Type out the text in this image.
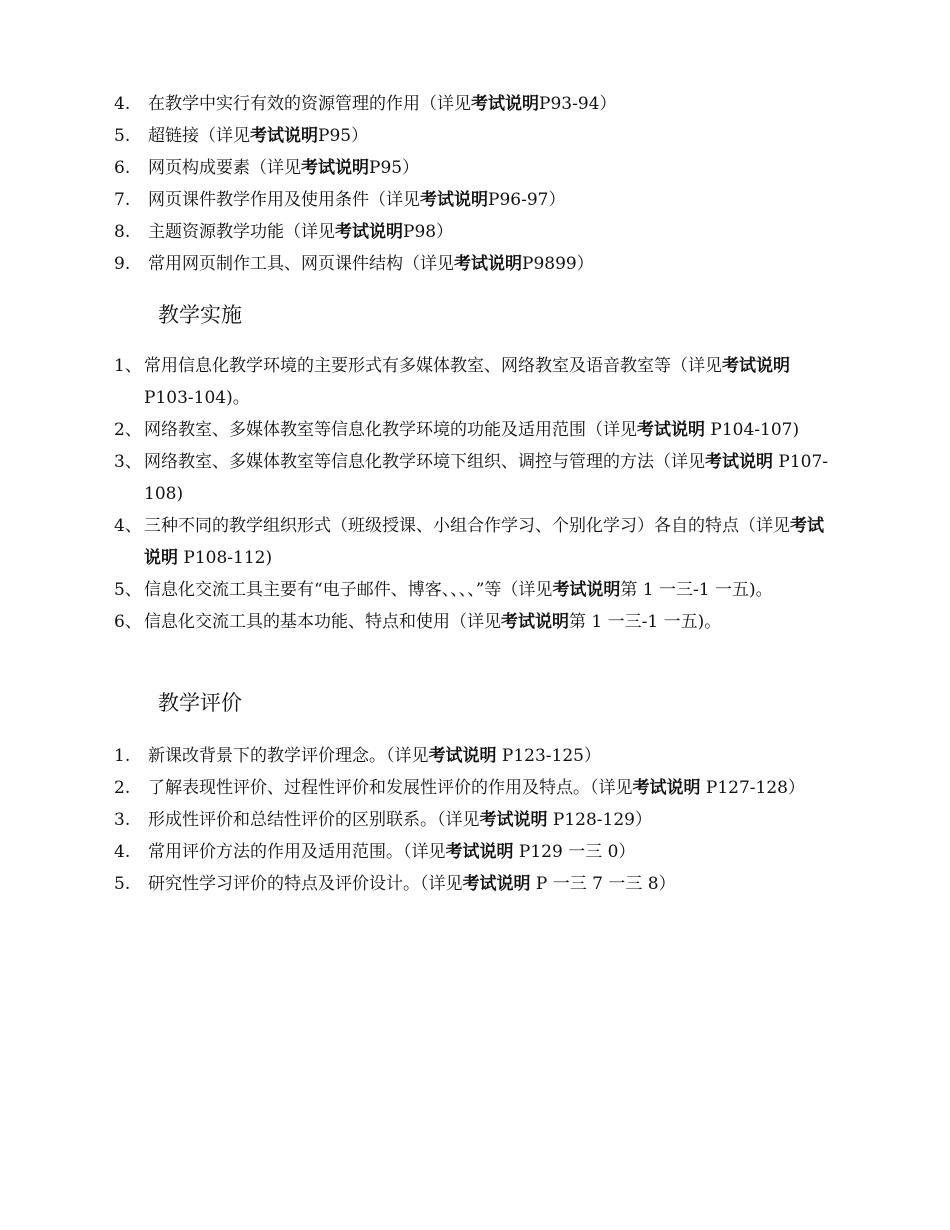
4.	在教学中实行有效的资源管理的作用（详见考试说明P93-94）
5.	超链接（详见考试说明P95）
6.	网页构成要素（详见考试说明P95）
7.	网页课件教学作用及使用条件（详见考试说明P96-97）
8.	主题资源教学功能（详见考试说明P98）
9.	常用网页制作工具、网页课件结构（详见考试说明P9899）
教学实施
1、 常用信息化教学环境的主要形式有多媒体教室、网络教室及语音教室等（详见考试说明 P103-104)。
2、 网络教室、多媒体教室等信息化教学环境的功能及适用范围（详见考试说明 P104-107)
3、 网络教室、多媒体教室等信息化教学环境下组织、调控与管理的方法（详见考试说明 P107-108)
4、 三种不同的教学组织形式（班级授课、小组合作学习、个别化学习）各自的特点（详见考试说明 P108-112)
5、 信息化交流工具主要有“电子邮件、博客、、、、”等（详见考试说明第 1 一三-1 一五)。
6、 信息化交流工具的基本功能、特点和使用（详见考试说明第 1 一三-1 一五)。
教学评价
1.	新课改背景下的教学评价理念。（详见考试说明 P123-125）
2.	了解表现性评价、过程性评价和发展性评价的作用及特点。（详见考试说明 P127-128）
3.	形成性评价和总结性评价的区别联系。（详见考试说明 P128-129）
4.	常用评价方法的作用及适用范围。（详见考试说明 P129 一三 0）
5.	研究性学习评价的特点及评价设计。（详见考试说明 P 一三 7 一三 8）
